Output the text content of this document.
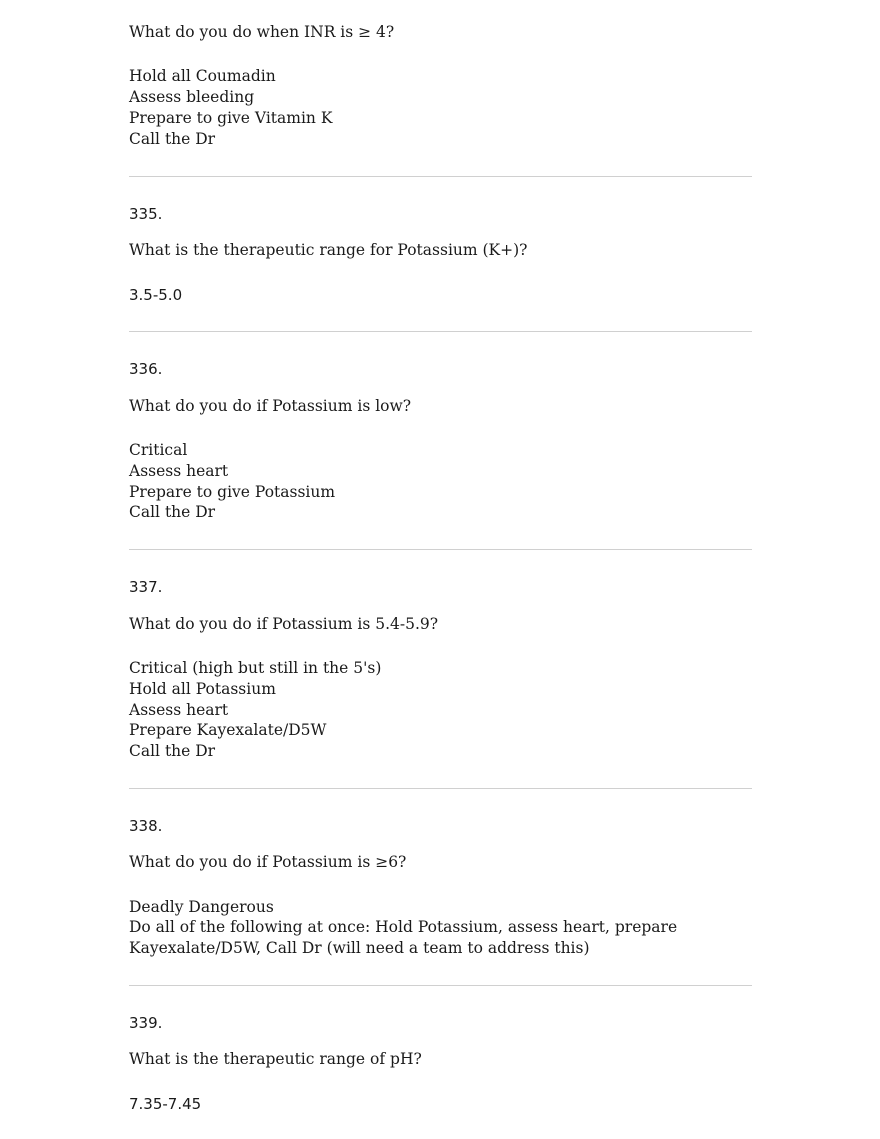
What do you do when INR is ≥ 4?
Hold all Coumadin
Assess bleeding
Prepare to give Vitamin K
Call the Dr
335.
What is the therapeutic range for Potassium (K+)?
3.5-5.0
336.
What do you do if Potassium is low?
Critical
Assess heart
Prepare to give Potassium
Call the Dr
337.
What do you do if Potassium is 5.4-5.9?
Critical (high but still in the 5's)
Hold all Potassium
Assess heart
Prepare Kayexalate/D5W
Call the Dr
338.
What do you do if Potassium is ≥6?
Deadly Dangerous
Do all of the following at once: Hold Potassium, assess heart, prepare
Kayexalate/D5W, Call Dr (will need a team to address this)
339.
What is the therapeutic range of pH?
7.35-7.45
